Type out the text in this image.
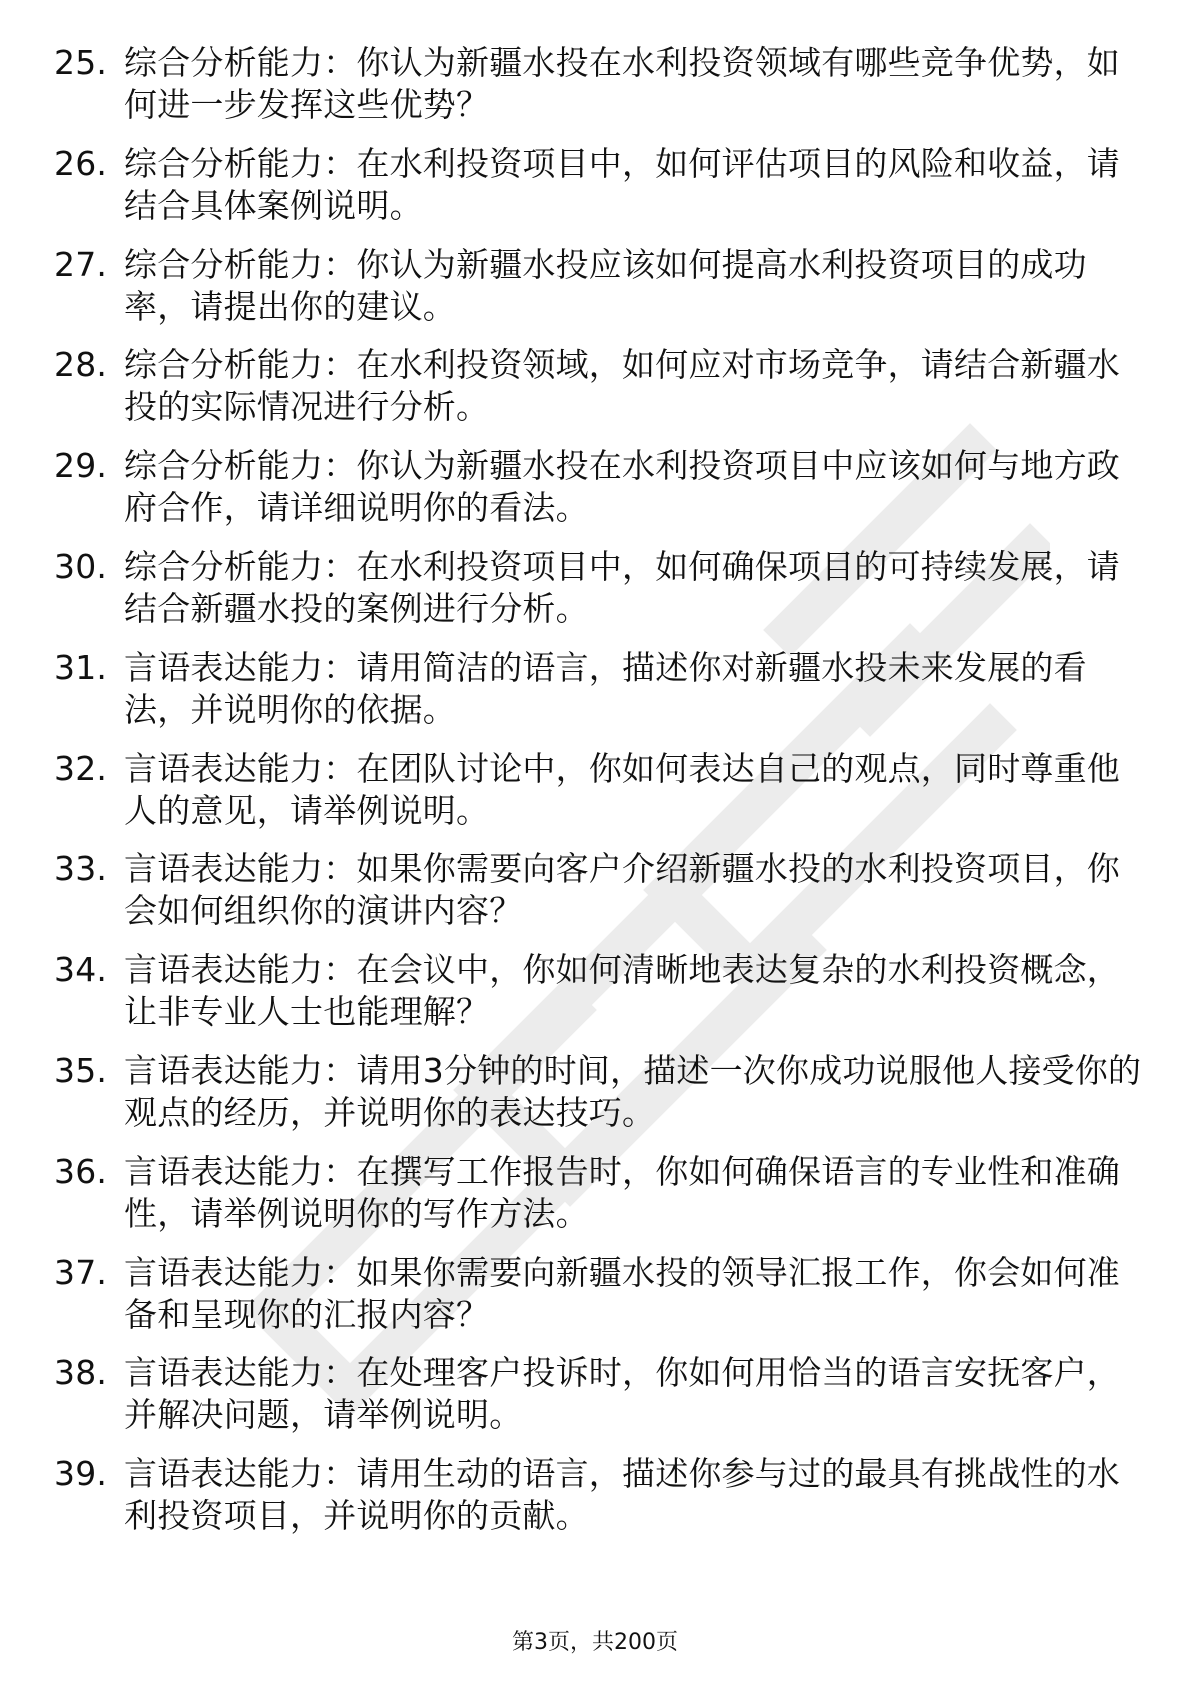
25. 综合分析能力：你认为新疆水投在水利投资领域有哪些竞争优势，如何进一步发挥这些优势？
26. 综合分析能力：在水利投资项目中，如何评估项目的风险和收益，请结合具体案例说明。
27. 综合分析能力：你认为新疆水投应该如何提高水利投资项目的成功率，请提出你的建议。
28. 综合分析能力：在水利投资领域，如何应对市场竞争，请结合新疆水投的实际情况进行分析。
29. 综合分析能力：你认为新疆水投在水利投资项目中应该如何与地方政府合作，请详细说明你的看法。
30. 综合分析能力：在水利投资项目中，如何确保项目的可持续发展，请结合新疆水投的案例进行分析。
31. 言语表达能力：请用简洁的语言，描述你对新疆水投未来发展的看法，并说明你的依据。
32. 言语表达能力：在团队讨论中，你如何表达自己的观点，同时尊重他人的意见，请举例说明。
33. 言语表达能力：如果你需要向客户介绍新疆水投的水利投资项目，你会如何组织你的演讲内容？
34. 言语表达能力：在会议中，你如何清晰地表达复杂的水利投资概念，让非专业人士也能理解？
35. 言语表达能力：请用3分钟的时间，描述一次你成功说服他人接受你的观点的经历，并说明你的表达技巧。
36. 言语表达能力：在撰写工作报告时，你如何确保语言的专业性和准确性，请举例说明你的写作方法。
37. 言语表达能力：如果你需要向新疆水投的领导汇报工作，你会如何准备和呈现你的汇报内容？
38. 言语表达能力：在处理客户投诉时，你如何用恰当的语言安抚客户，并解决问题，请举例说明。
39. 言语表达能力：请用生动的语言，描述你参与过的最具有挑战性的水利投资项目，并说明你的贡献。
第3页，共200页
